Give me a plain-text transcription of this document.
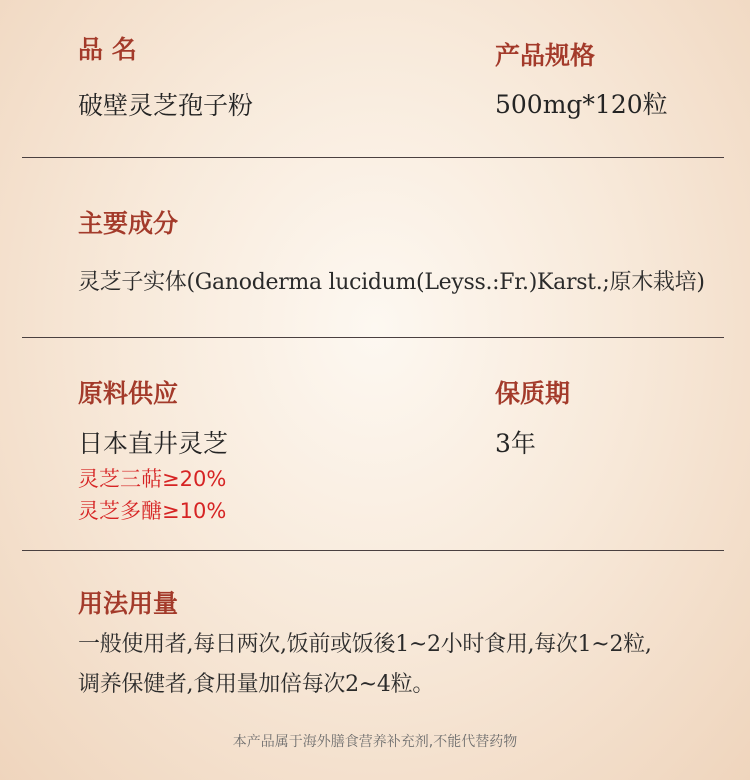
品 名
破壁灵芝孢子粉
产品规格
500mg*120粒
主要成分
灵芝子实体(Ganoderma lucidum(Leyss.:Fr.)Karst.;原木栽培)
原料供应
日本直井灵芝
灵芝三萜≥20%
灵芝多醣≥10%
保质期
3年
用法用量
一般使用者,每日两次,饭前或饭後1~2小时食用,每次1~2粒,
调养保健者,食用量加倍每次2~4粒。
本产品属于海外膳食营养补充剂,不能代替药物
